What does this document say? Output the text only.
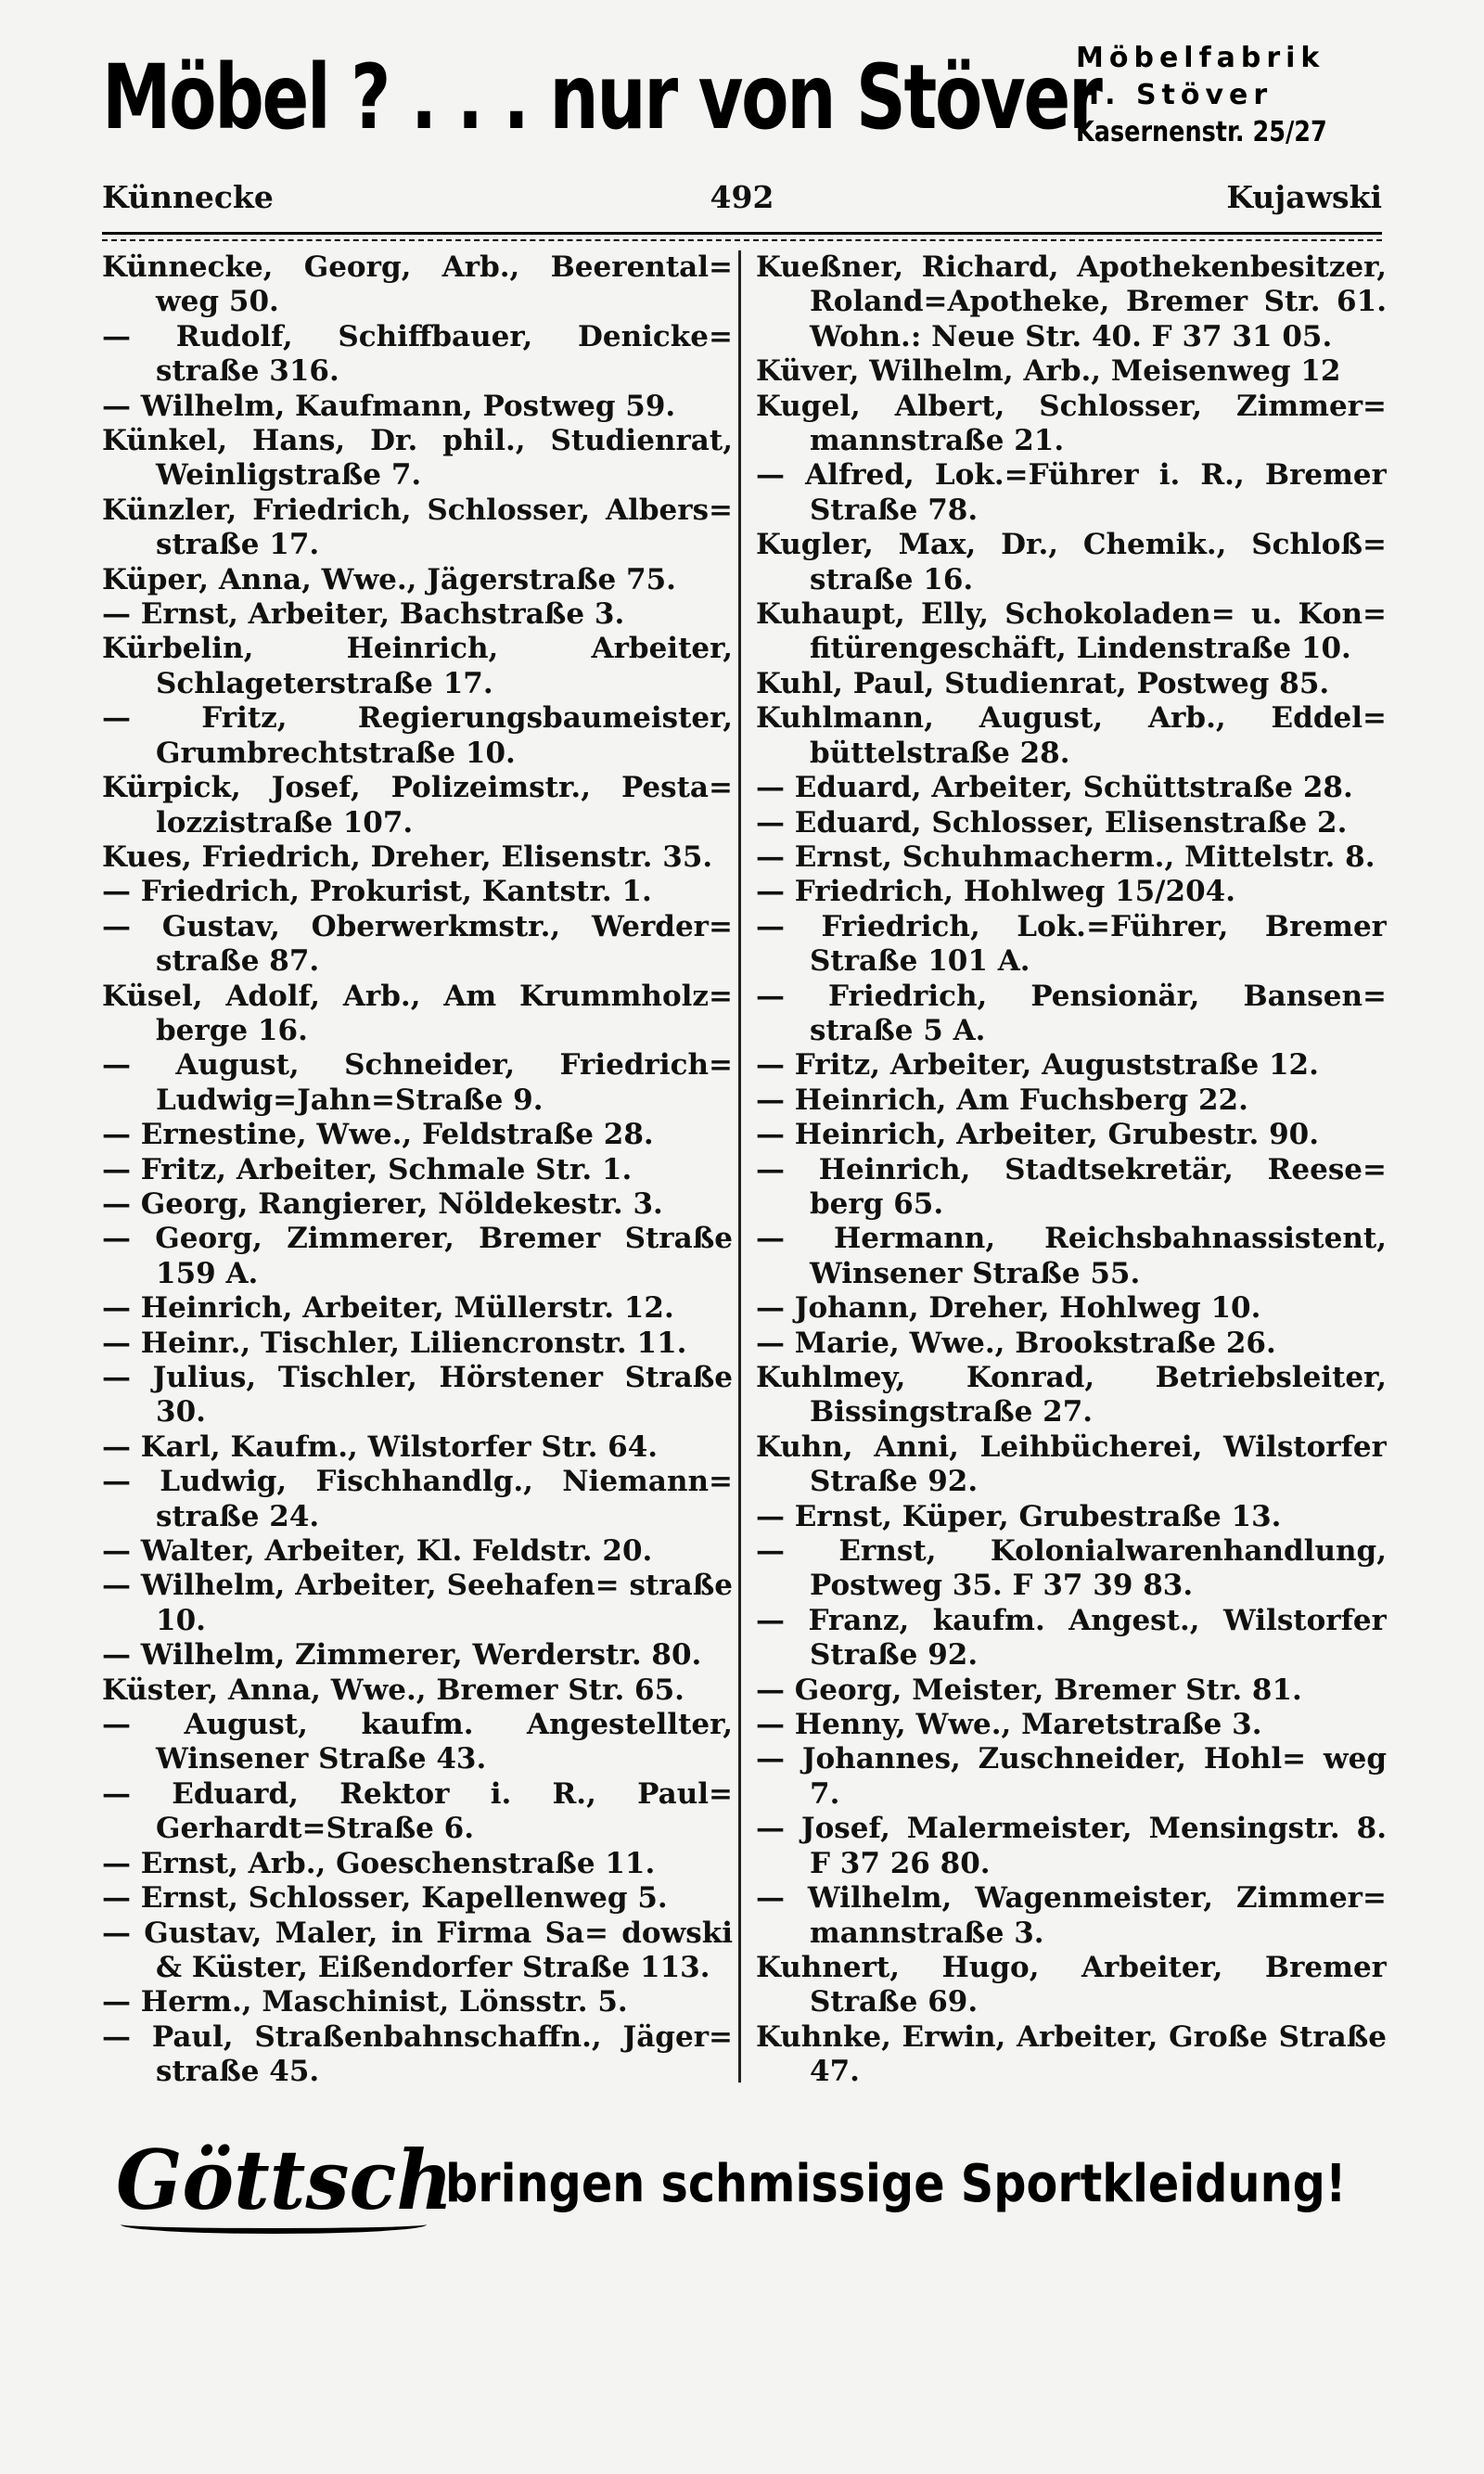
Möbel ? . . . nur von Stöver
Möbelfabrik
H. Stöver
Kasernenstr. 25/27
Künnecke	492	Kujawski
Künnecke, Georg, Arb., Beerental= weg 50.
— Rudolf, Schiffbauer, Denicke= straße 316.
— Wilhelm, Kaufmann, Postweg 59.
Künkel, Hans, Dr. phil., Studienrat, Weinligstraße 7.
Künzler, Friedrich, Schlosser, Albers= straße 17.
Küper, Anna, Wwe., Jägerstraße 75.
— Ernst, Arbeiter, Bachstraße 3.
Kürbelin, Heinrich, Arbeiter, Schlageterstraße 17.
— Fritz, Regierungsbaumeister, Grumbrechtstraße 10.
Kürpick, Josef, Polizeimstr., Pesta= lozzistraße 107.
Kues, Friedrich, Dreher, Elisenstr. 35.
— Friedrich, Prokurist, Kantstr. 1.
— Gustav, Oberwerkmstr., Werder= straße 87.
Küsel, Adolf, Arb., Am Krummholz= berge 16.
— August, Schneider, Friedrich= Ludwig=Jahn=Straße 9.
— Ernestine, Wwe., Feldstraße 28.
— Fritz, Arbeiter, Schmale Str. 1.
— Georg, Rangierer, Nöldekestr. 3.
— Georg, Zimmerer, Bremer Straße 159 A.
— Heinrich, Arbeiter, Müllerstr. 12.
— Heinr., Tischler, Liliencronstr. 11.
— Julius, Tischler, Hörstener Straße 30.
— Karl, Kaufm., Wilstorfer Str. 64.
— Ludwig, Fischhandlg., Niemann= straße 24.
— Walter, Arbeiter, Kl. Feldstr. 20.
— Wilhelm, Arbeiter, Seehafen= straße 10.
— Wilhelm, Zimmerer, Werderstr. 80.
Küster, Anna, Wwe., Bremer Str. 65.
— August, kaufm. Angestellter, Winsener Straße 43.
— Eduard, Rektor i. R., Paul= Gerhardt=Straße 6.
— Ernst, Arb., Goeschenstraße 11.
— Ernst, Schlosser, Kapellenweg 5.
— Gustav, Maler, in Firma Sa= dowski & Küster, Eißendorfer Straße 113.
— Herm., Maschinist, Lönsstr. 5.
— Paul, Straßenbahnschaffn., Jäger= straße 45.
Kueßner, Richard, Apothekenbesitzer, Roland=Apotheke, Bremer Str. 61. Wohn.: Neue Str. 40. F 37 31 05.
Küver, Wilhelm, Arb., Meisenweg 12
Kugel, Albert, Schlosser, Zimmer= mannstraße 21.
— Alfred, Lok.=Führer i. R., Bremer Straße 78.
Kugler, Max, Dr., Chemik., Schloß= straße 16.
Kuhaupt, Elly, Schokoladen= u. Kon= fitürengeschäft, Lindenstraße 10.
Kuhl, Paul, Studienrat, Postweg 85.
Kuhlmann, August, Arb., Eddel= büttelstraße 28.
— Eduard, Arbeiter, Schüttstraße 28.
— Eduard, Schlosser, Elisenstraße 2.
— Ernst, Schuhmacherm., Mittelstr. 8.
— Friedrich, Hohlweg 15/204.
— Friedrich, Lok.=Führer, Bremer Straße 101 A.
— Friedrich, Pensionär, Bansen= straße 5 A.
— Fritz, Arbeiter, Auguststraße 12.
— Heinrich, Am Fuchsberg 22.
— Heinrich, Arbeiter, Grubestr. 90.
— Heinrich, Stadtsekretär, Reese= berg 65.
— Hermann, Reichsbahnassistent, Winsener Straße 55.
— Johann, Dreher, Hohlweg 10.
— Marie, Wwe., Brookstraße 26.
Kuhlmey, Konrad, Betriebsleiter, Bissingstraße 27.
Kuhn, Anni, Leihbücherei, Wilstorfer Straße 92.
— Ernst, Küper, Grubestraße 13.
— Ernst, Kolonialwarenhandlung, Postweg 35. F 37 39 83.
— Franz, kaufm. Angest., Wilstorfer Straße 92.
— Georg, Meister, Bremer Str. 81.
— Henny, Wwe., Maretstraße 3.
— Johannes, Zuschneider, Hohl= weg 7.
— Josef, Malermeister, Mensingstr. 8. F 37 26 80.
— Wilhelm, Wagenmeister, Zimmer= mannstraße 3.
Kuhnert, Hugo, Arbeiter, Bremer Straße 69.
Kuhnke, Erwin, Arbeiter, Große Straße 47.
Göttsch
bringen schmissige Sportkleidung!
